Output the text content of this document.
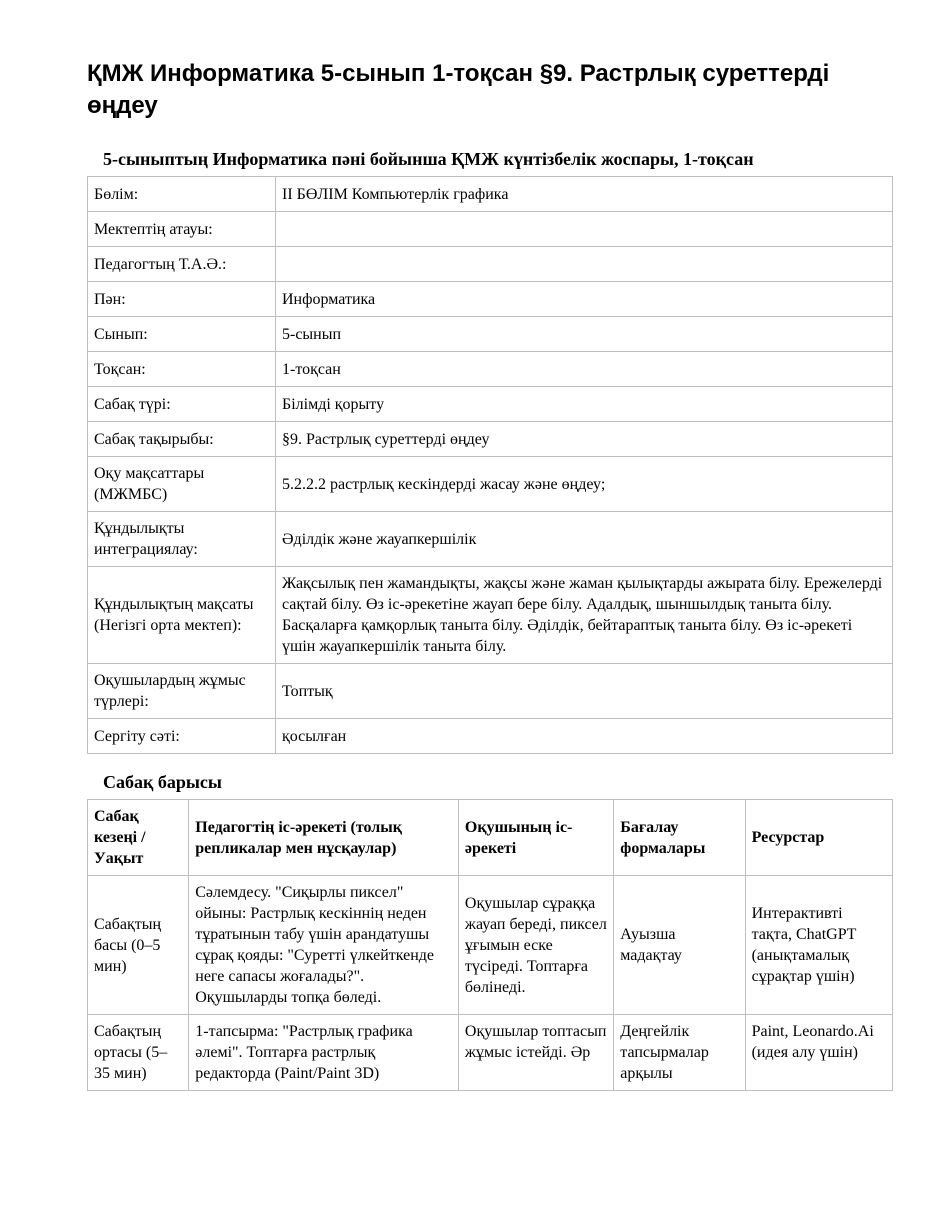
ҚМЖ Информатика 5-сынып 1-тоқсан §9. Растрлық суреттерді өңдеу
5-сыныптың Информатика пәні бойынша ҚМЖ күнтізбелік жоспары, 1-тоқсан
Бөлім:	II БӨЛІМ Компьютерлік графика
Мектептің атауы:	
Педагогтың Т.А.Ә.:	
Пән:	Информатика
Сынып:	5-сынып
Тоқсан:	1-тоқсан
Сабақ түрі:	Білімді қорыту
Сабақ тақырыбы:	§9. Растрлық суреттерді өңдеу
Оқу мақсаттары (МЖМБС)	5.2.2.2 растрлық кескіндерді жасау және өңдеу;
Құндылықты интеграциялау:	Әділдік және жауапкершілік
Құндылықтың мақсаты (Негізгі орта мектеп):	Жақсылық пен жамандықты, жақсы және жаман қылықтарды ажырата білу. Ережелерді сақтай білу. Өз іс-әрекетіне жауап бере білу. Адалдық, шыншылдық таныта білу. Басқаларға қамқорлық таныта білу. Әділдік, бейтараптық таныта білу. Өз іс-әрекеті үшін жауапкершілік таныта білу.
Оқушылардың жұмыс түрлері:	Топтық
Сергіту сәті:	қосылған
Сабақ барысы
Сабақ кезеңі / Уақыт	Педагогтің іс-әрекеті (толық репликалар мен нұсқаулар)	Оқушының іс-әрекеті	Бағалау формалары	Ресурстар
Сабақтың басы (0–5 мин)	Сәлемдесу. "Сиқырлы пиксел" ойыны: Растрлық кескіннің неден тұратынын табу үшін арандатушы сұрақ қояды: "Суретті үлкейткенде неге сапасы жоғалады?". Оқушыларды топқа бөледі.	Оқушылар сұраққа жауап береді, пиксел ұғымын еске түсіреді. Топтарға бөлінеді.	Ауызша мадақтау	Интерактивті тақта, ChatGPT (анықтамалық сұрақтар үшін)
Сабақтың ортасы (5–35 мин)	1-тапсырма: "Растрлық графика әлемі". Топтарға растрлық редакторда (Paint/Paint 3D)	Оқушылар топтасып жұмыс істейді. Әр	Деңгейлік тапсырмалар арқылы	Paint, Leonardo.Ai (идея алу үшін)
